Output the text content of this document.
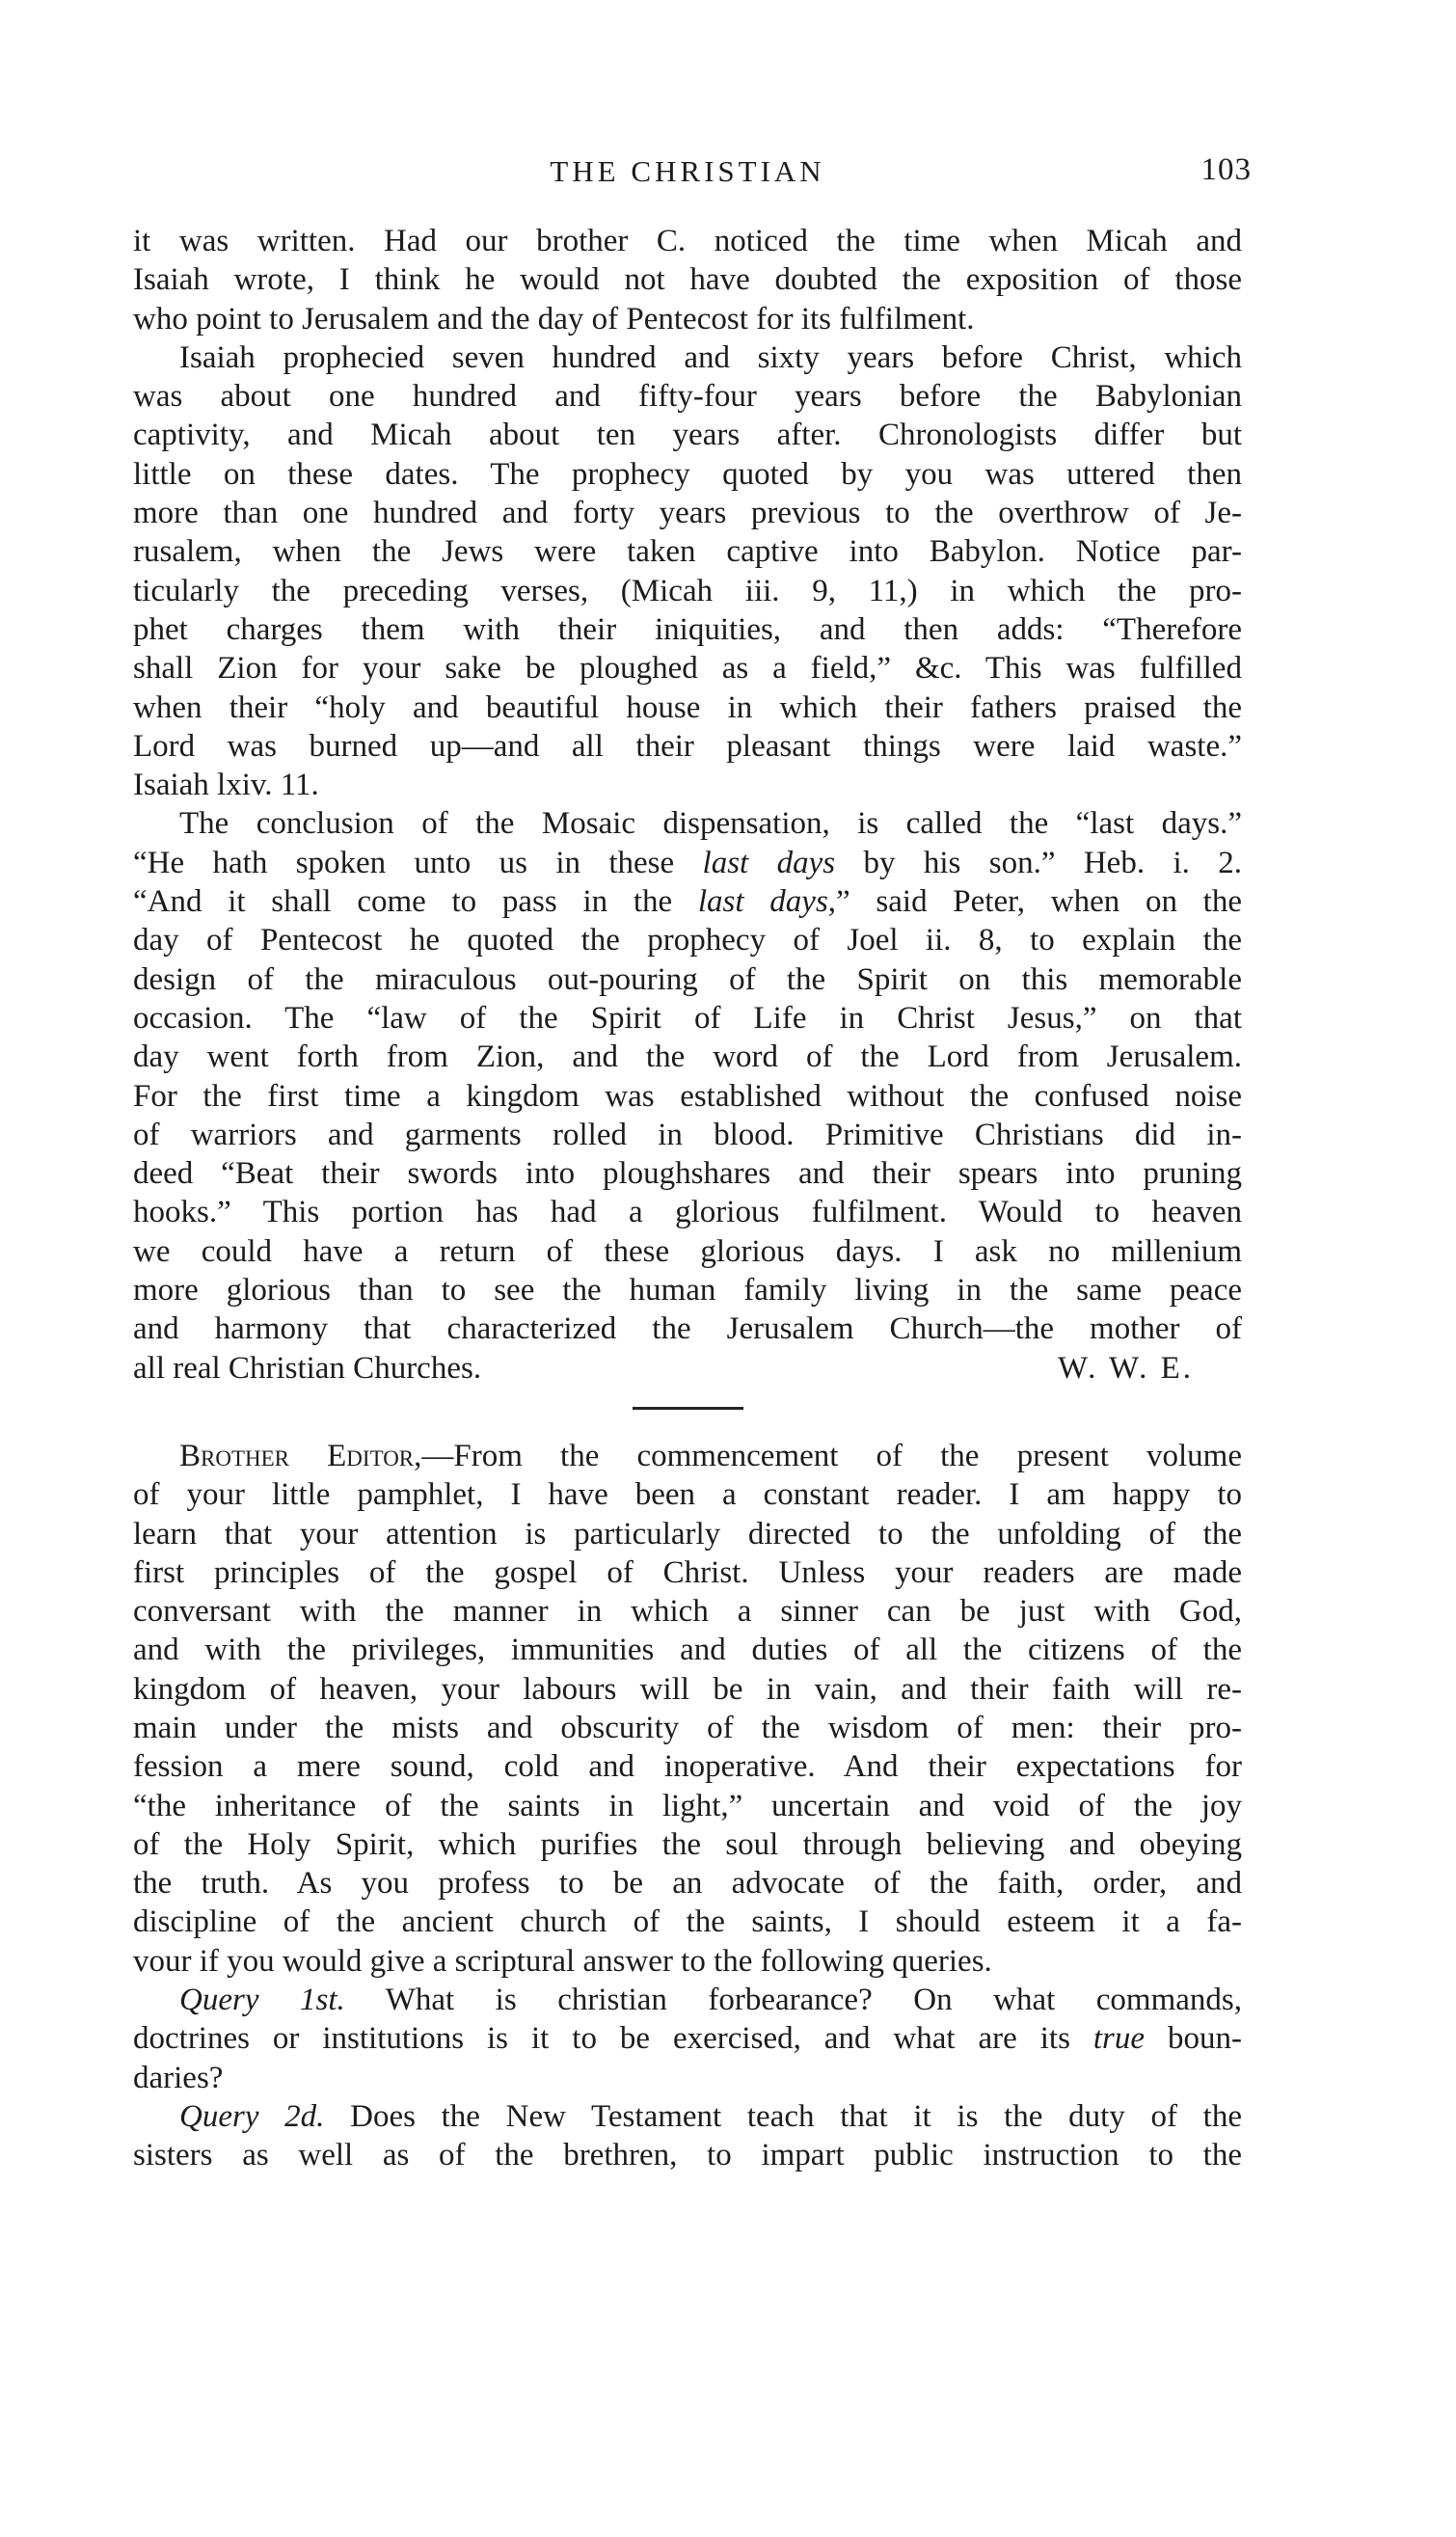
THE CHRISTIAN	103

it was written. Had our brother C. noticed the time when Micah and
Isaiah wrote, I think he would not have doubted the exposition of those
who point to Jerusalem and the day of Pentecost for its fulfilment.

Isaiah prophecied seven hundred and sixty years before Christ, which
was about one hundred and fifty-four years before the Babylonian
captivity, and Micah about ten years after. Chronologists differ but
little on these dates. The prophecy quoted by you was uttered then
more than one hundred and forty years previous to the overthrow of Je-
rusalem, when the Jews were taken captive into Babylon. Notice par-
ticularly the preceding verses, (Micah iii. 9, 11,) in which the pro-
phet charges them with their iniquities, and then adds: “Therefore
shall Zion for your sake be ploughed as a field,” &c. This was fulfilled
when their “holy and beautiful house in which their fathers praised the
Lord was burned up—and all their pleasant things were laid waste.”
Isaiah lxiv. 11.

The conclusion of the Mosaic dispensation, is called the “last days.”
“He hath spoken unto us in these last days by his son.” Heb. i. 2.
“And it shall come to pass in the last days,” said Peter, when on the
day of Pentecost he quoted the prophecy of Joel ii. 8, to explain the
design of the miraculous out-pouring of the Spirit on this memorable
occasion. The “law of the Spirit of Life in Christ Jesus,” on that
day went forth from Zion, and the word of the Lord from Jerusalem.
For the first time a kingdom was established without the confused noise
of warriors and garments rolled in blood. Primitive Christians did in-
deed “Beat their swords into ploughshares and their spears into pruning
hooks.” This portion has had a glorious fulfilment. Would to heaven
we could have a return of these glorious days. I ask no millenium
more glorious than to see the human family living in the same peace
and harmony that characterized the Jerusalem Church—the mother of
all real Christian Churches.	W. W. E.

Brother Editor,—From the commencement of the present volume
of your little pamphlet, I have been a constant reader. I am happy to
learn that your attention is particularly directed to the unfolding of the
first principles of the gospel of Christ. Unless your readers are made
conversant with the manner in which a sinner can be just with God,
and with the privileges, immunities and duties of all the citizens of the
kingdom of heaven, your labours will be in vain, and their faith will re-
main under the mists and obscurity of the wisdom of men: their pro-
fession a mere sound, cold and inoperative. And their expectations for
“the inheritance of the saints in light,” uncertain and void of the joy
of the Holy Spirit, which purifies the soul through believing and obeying
the truth. As you profess to be an advocate of the faith, order, and
discipline of the ancient church of the saints, I should esteem it a fa-
vour if you would give a scriptural answer to the following queries.

Query 1st. What is christian forbearance? On what commands,
doctrines or institutions is it to be exercised, and what are its true boun-
daries?

Query 2d. Does the New Testament teach that it is the duty of the
sisters as well as of the brethren, to impart public instruction to the
